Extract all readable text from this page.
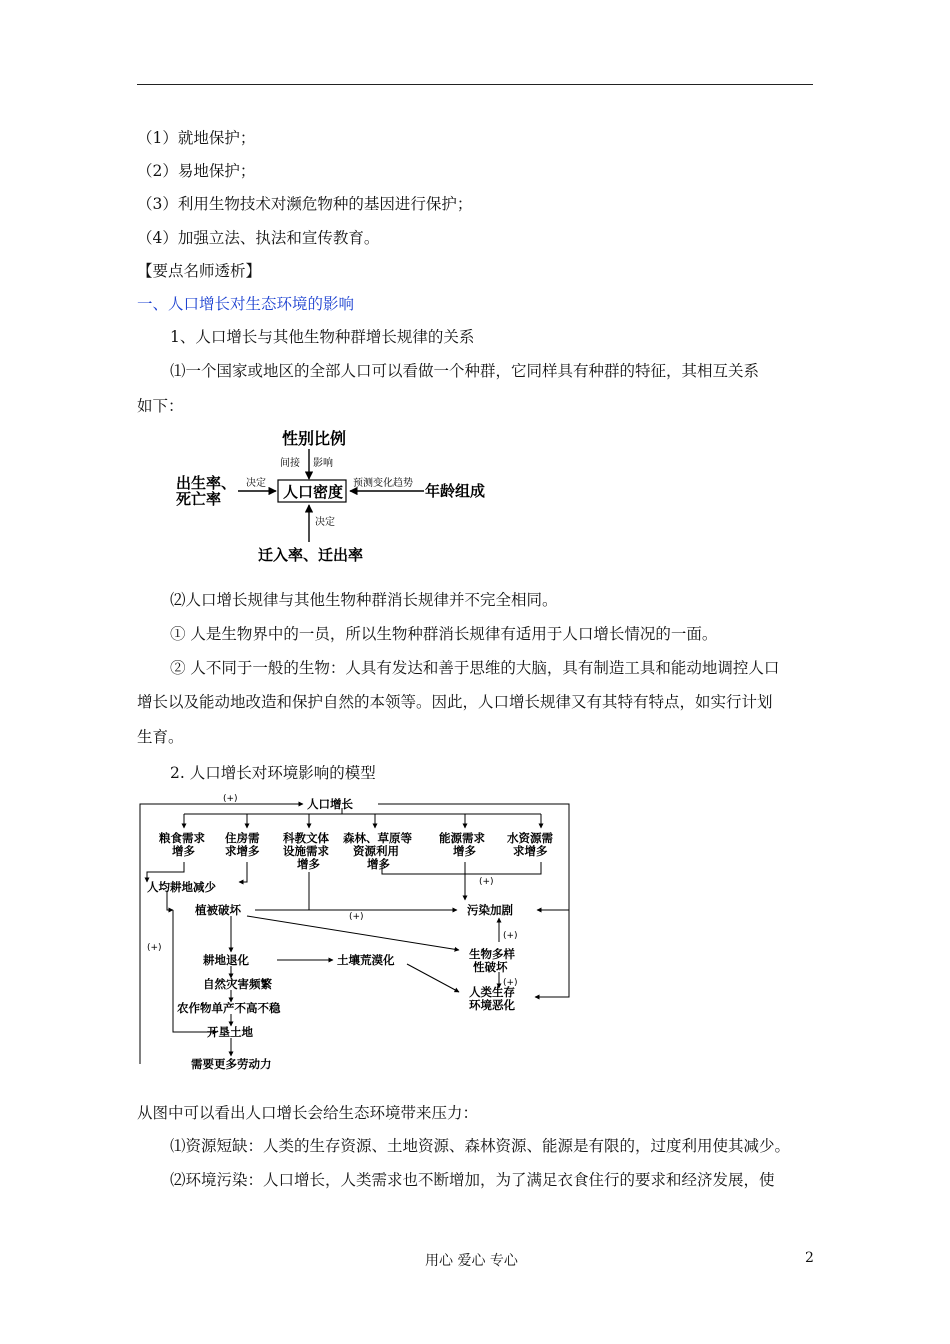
（1）就地保护；
（2）易地保护；
（3）利用生物技术对濒危物种的基因进行保护；
（4）加强立法、执法和宣传教育。
【要点名师透析】
一、人口增长对生态环境的影响
1、人口增长与其他生物种群增长规律的关系
⑴一个国家或地区的全部人口可以看做一个种群，它同样具有种群的特征，其相互关系
如下：
性别比例
间接 影响
出生率、
死亡率
决定 人口密度 预测变化趋势 年龄组成
决定
迁入率、迁出率
⑵人口增长规律与其他生物种群消长规律并不完全相同。
① 人是生物界中的一员，所以生物种群消长规律有适用于人口增长情况的一面。
② 人不同于一般的生物：人具有发达和善于思维的大脑，具有制造工具和能动地调控人口
增长以及能动地改造和保护自然的本领等。因此，人口增长规律又有其特有特点，如实行计划
生育。
2. 人口增长对环境影响的模型
人口增长
粮食需求
增多
住房需
求增多
科教文体
设施需求
增多
森林、草原等
资源利用
增多
能源需求
增多
水资源需
求增多
人均耕地减少
植被破坏	污染加剧
耕地退化	土壤荒漠化
自然灾害频繁
农作物单产不高不稳
开垦土地
需要更多劳动力
生物多样
性破坏
人类生存
环境恶化
(+)
(+)
(+)
(+)
(+)
(+)
从图中可以看出人口增长会给生态环境带来压力：
⑴资源短缺：人类的生存资源、土地资源、森林资源、能源是有限的，过度利用使其减少。
⑵环境污染：人口增长，人类需求也不断增加，为了满足衣食住行的要求和经济发展，使
用心 爱心 专心	2
